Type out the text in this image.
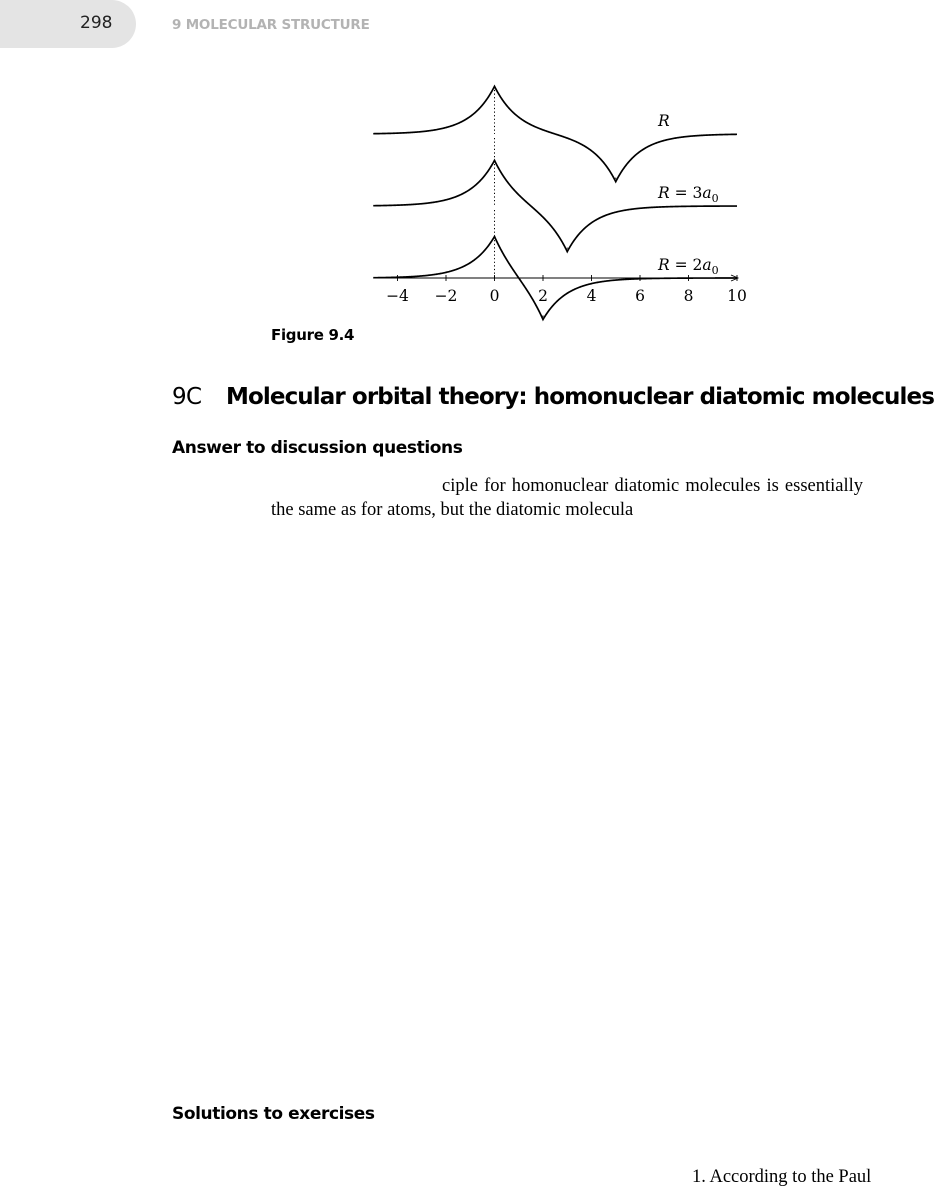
298	9 MOLECULAR STRUCTURE
R
$R = 3a_0$
$R = 2a_0$
−4 −2 0 2 4 6 8 10
Figure 9.4
9C Molecular orbital theory: homonuclear diatomic molecules
Answer to discussion questions
ciple for homonuclear diatomic molecules is essentially
the same as for atoms, but the diatomic molecula
Solutions to exercises
1. According to the Paul
